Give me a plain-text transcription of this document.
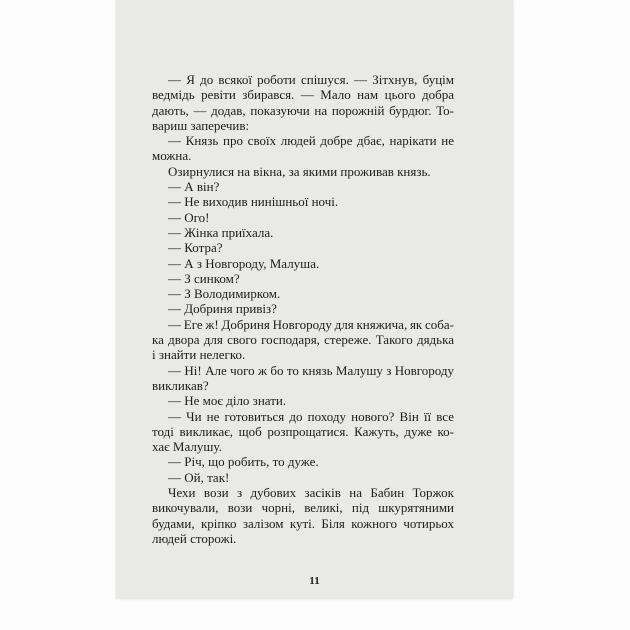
— Я до всякої роботи спішуся. — Зітхнув, буцім
ведмідь ревіти збирався. — Мало нам цього добра
дають, — додав, показуючи на порожній бурдюг. То-
вариш заперечив:
— Князь про своїх людей добре дбає, нарікати не
можна.
Озирнулися на вікна, за якими проживав князь.
— А він?
— Не виходив нинішньої ночі.
— Ого!
— Жінка приїхала.
— Котра?
— А з Новгороду, Малуша.
— З синком?
— З Володимирком.
— Добриня привіз?
— Еге ж! Добриня Новгороду для княжича, як соба-
ка двора для свого господаря, стереже. Такого дядька
і знайти нелегко.
— Ні! Але чого ж бо то князь Малушу з Новгороду
викликав?
— Не моє діло знати.
— Чи не готовиться до походу нового? Він її все
тоді викликає, щоб розпрощатися. Кажуть, дуже ко-
хає Малушу.
— Річ, що робить, то дуже.
— Ой, так!
Чехи вози з дубових засіків на Бабин Торжок
викочували, вози чорні, великі, під шкурятяними
будами, кріпко залізом куті. Біля кожного чотирьох
людей сторожі.
11
